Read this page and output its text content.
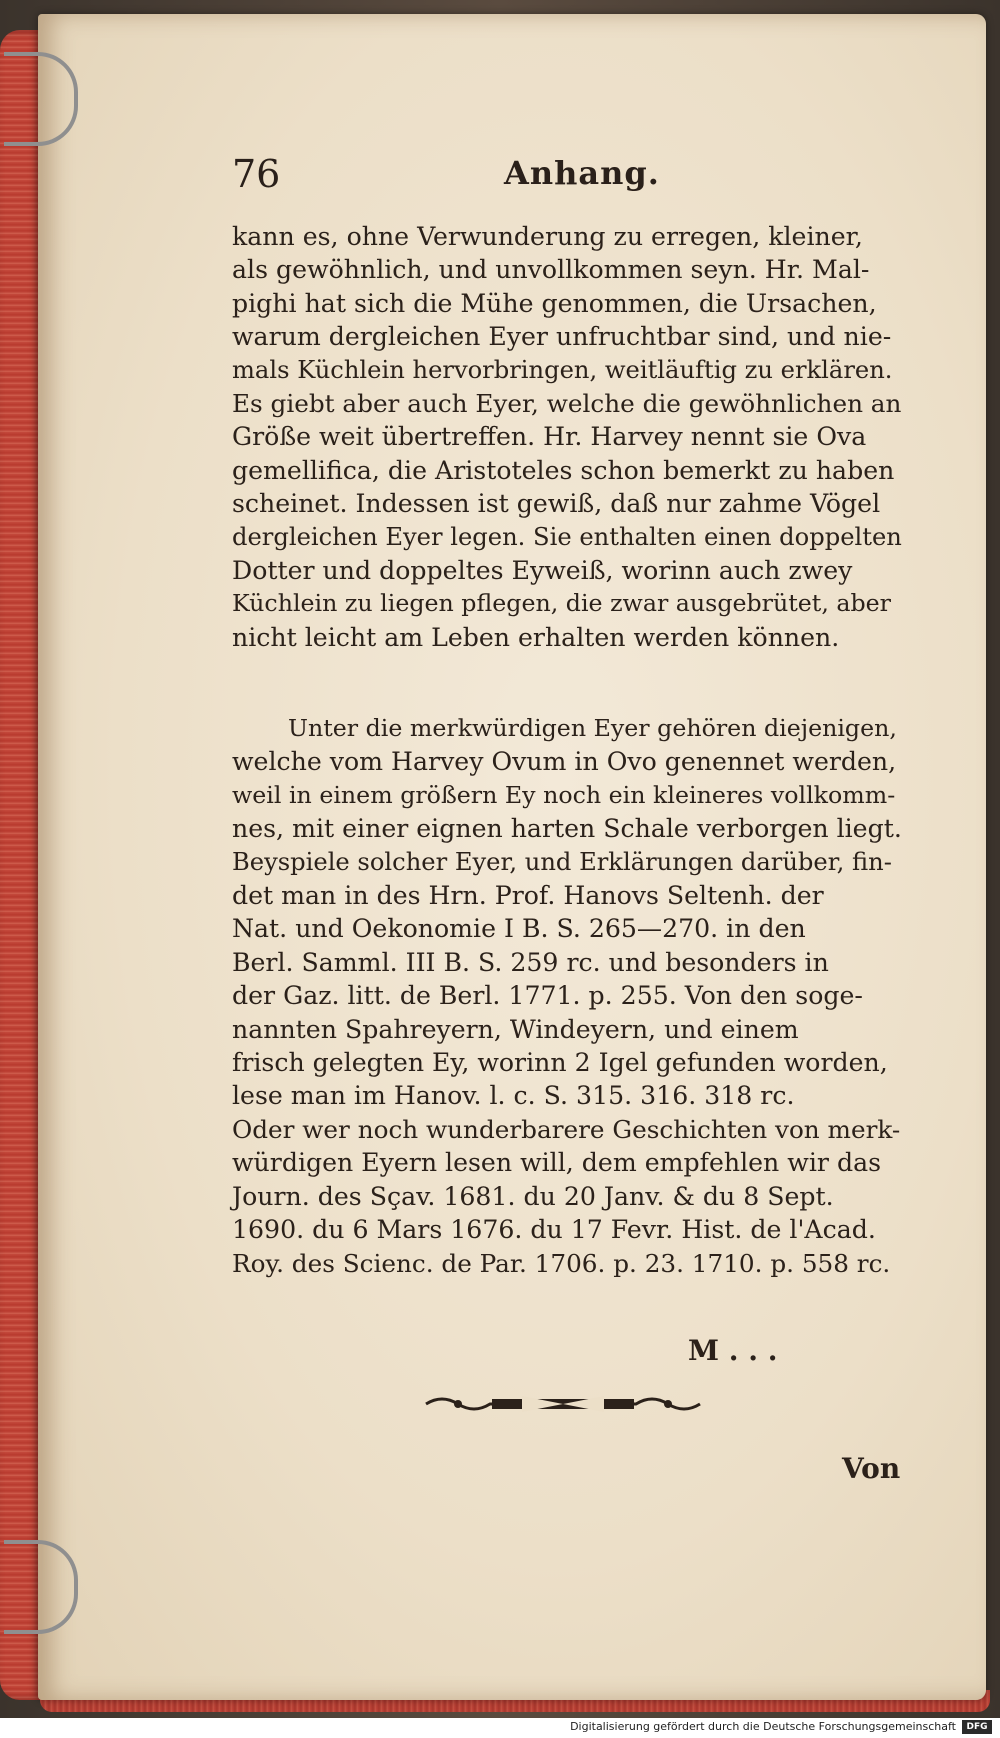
76	Anhang.
kann es, ohne Verwunderung zu erregen, kleiner,
als gewöhnlich, und unvollkommen seyn. Hr. Mal-
pighi hat sich die Mühe genommen, die Ursachen,
warum dergleichen Eyer unfruchtbar sind, und nie-
mals Küchlein hervorbringen, weitläuftig zu erklären.
Es giebt aber auch Eyer, welche die gewöhnlichen an
Größe weit übertreffen. Hr. Harvey nennt sie Ova
gemellifica, die Aristoteles schon bemerkt zu haben
scheinet. Indessen ist gewiß, daß nur zahme Vögel
dergleichen Eyer legen. Sie enthalten einen doppelten
Dotter und doppeltes Eyweiß, worinn auch zwey
Küchlein zu liegen pflegen, die zwar ausgebrütet, aber
nicht leicht am Leben erhalten werden können.
Unter die merkwürdigen Eyer gehören diejenigen,
welche vom Harvey Ovum in Ovo genennet werden,
weil in einem größern Ey noch ein kleineres vollkomm-
nes, mit einer eignen harten Schale verborgen liegt.
Beyspiele solcher Eyer, und Erklärungen darüber, fin-
det man in des Hrn. Prof. Hanovs Seltenh. der
Nat. und Oekonomie I B. S. 265—270. in den
Berl. Samml. III B. S. 259 rc. und besonders in
der Gaz. litt. de Berl. 1771. p. 255. Von den soge-
nannten Spahreyern, Windeyern, und einem
frisch gelegten Ey, worinn 2 Igel gefunden worden,
lese man im Hanov. l. c. S. 315. 316. 318 rc.
Oder wer noch wunderbarere Geschichten von merk-
würdigen Eyern lesen will, dem empfehlen wir das
Journ. des Sçav. 1681. du 20 Janv. & du 8 Sept.
1690. du 6 Mars 1676. du 17 Fevr. Hist. de l'Acad.
Roy. des Scienc. de Par. 1706. p. 23. 1710. p. 558 rc.
M . . .
Von
Digitalisierung gefördert durch die Deutsche Forschungsgemeinschaft	DFG
